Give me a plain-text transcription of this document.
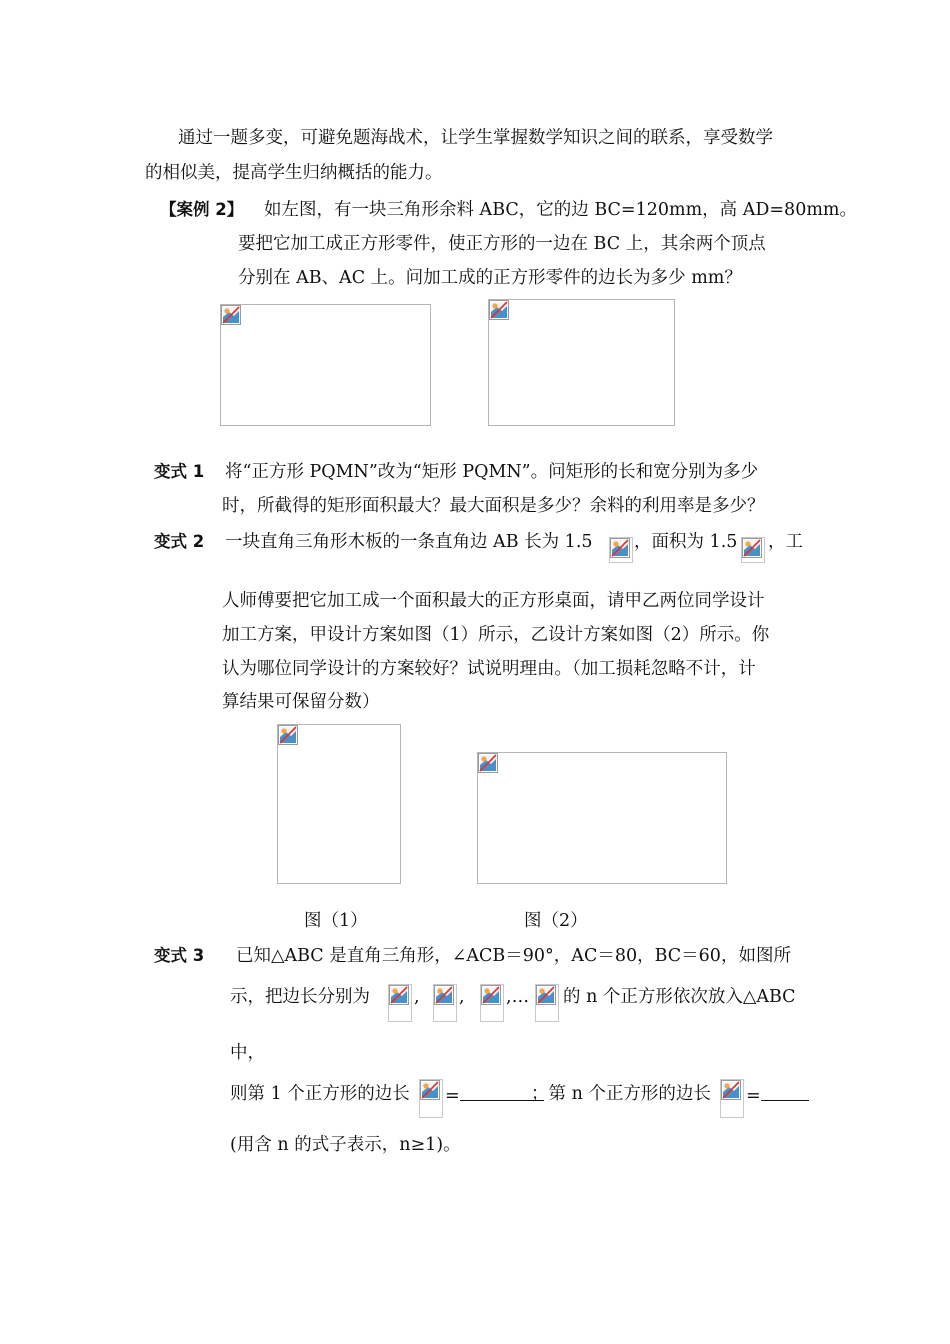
通过一题多变，可避免题海战术，让学生掌握数学知识之间的联系，享受数学
的相似美，提高学生归纳概括的能力。
【案例 2】 如左图，有一块三角形余料 ABC，它的边 BC=120mm，高 AD=80mm。
要把它加工成正方形零件，使正方形的一边在 BC 上，其余两个顶点
分别在 AB、AC 上。问加工成的正方形零件的边长为多少 mm？
变式 1 将“正方形 PQMN”改为“矩形 PQMN”。问矩形的长和宽分别为多少
时，所截得的矩形面积最大？最大面积是多少？余料的利用率是多少？
变式 2 一块直角三角形木板的一条直角边 AB 长为 1.5 ，面积为 1.5 ，工
人师傅要把它加工成一个面积最大的正方形桌面，请甲乙两位同学设计
加工方案，甲设计方案如图（1）所示，乙设计方案如图（2）所示。你
认为哪位同学设计的方案较好？试说明理由。（加工损耗忽略不计，计
算结果可保留分数）
图（1）	图（2）
变式 3 已知△ABC 是直角三角形，∠ACB＝90°，AC＝80，BC＝60，如图所
示，把边长分别为	, , ,… 的 n 个正方形依次放入△ABC
中，
则第 1 个正方形的边长 =	；第 n 个正方形的边长 =
(用含 n 的式子表示，n≥1)。
